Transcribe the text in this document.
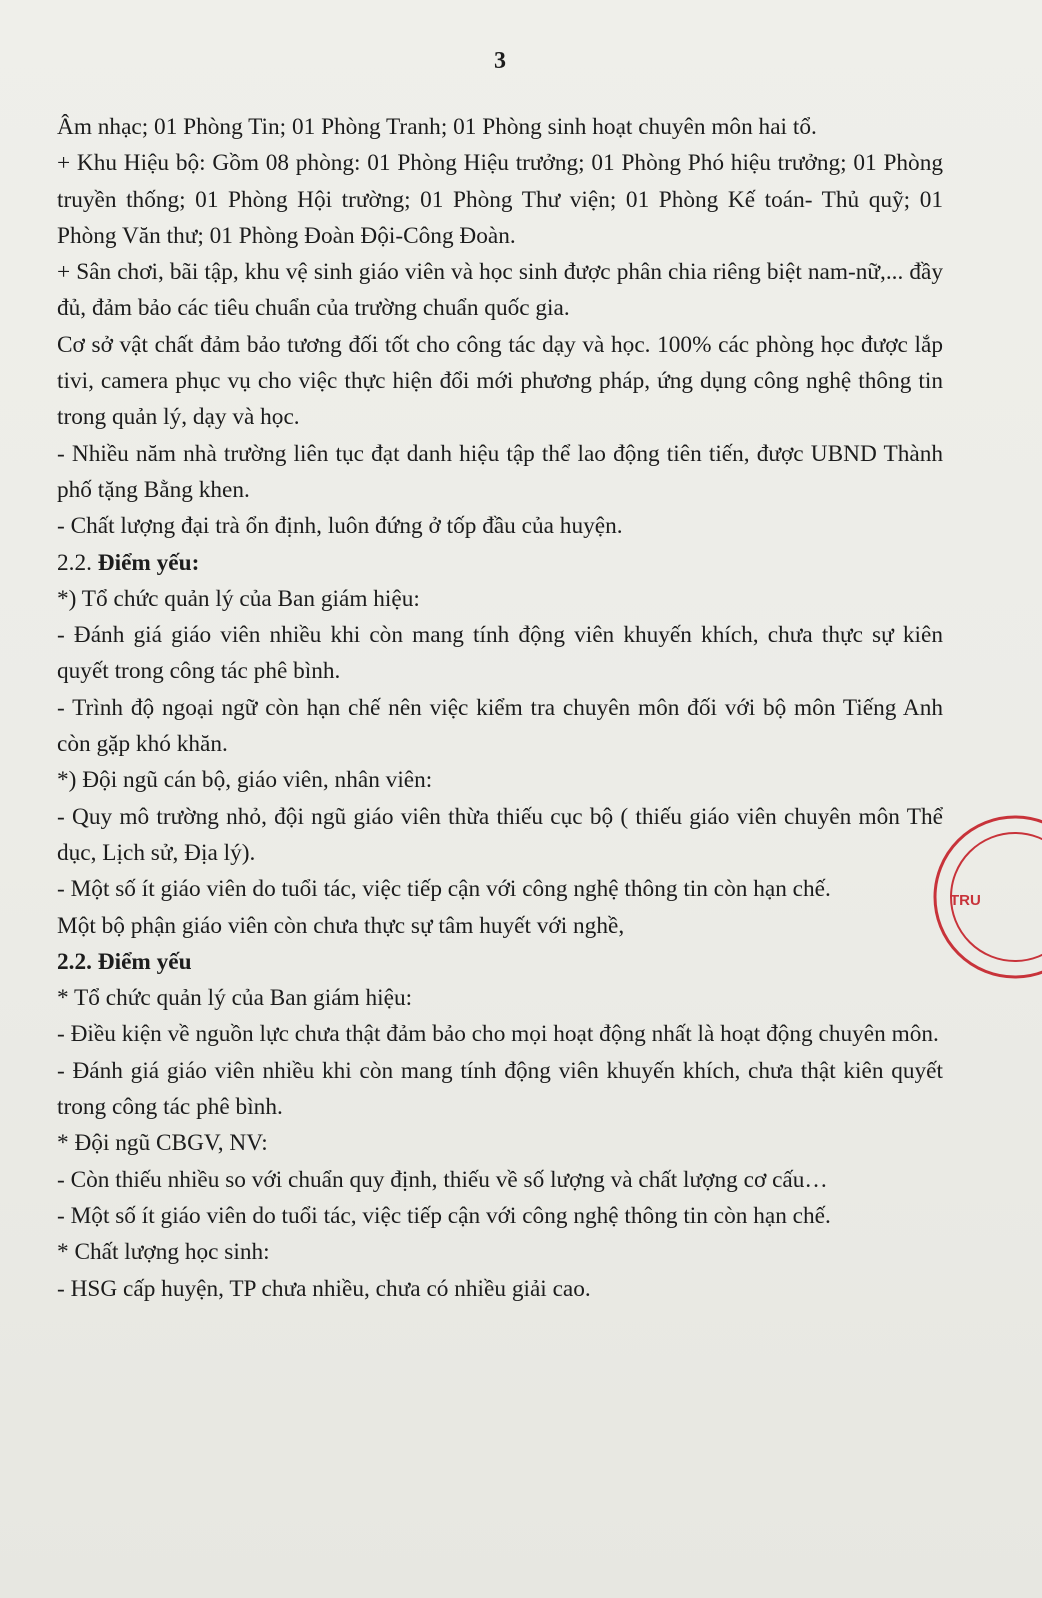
3

Âm nhạc; 01 Phòng Tin; 01 Phòng Tranh; 01 Phòng sinh hoạt chuyên môn hai tổ.

+ Khu Hiệu bộ: Gồm 08 phòng: 01 Phòng Hiệu trưởng; 01 Phòng Phó hiệu trưởng; 01 Phòng truyền thống; 01 Phòng Hội trường; 01 Phòng Thư viện; 01 Phòng Kế toán- Thủ quỹ; 01 Phòng Văn thư; 01 Phòng Đoàn Đội-Công Đoàn.

+ Sân chơi, bãi tập, khu vệ sinh giáo viên và học sinh được phân chia riêng biệt nam-nữ,... đầy đủ, đảm bảo các tiêu chuẩn của trường chuẩn quốc gia.

Cơ sở vật chất đảm bảo tương đối tốt cho công tác dạy và học. 100% các phòng học được lắp tivi, camera phục vụ cho việc thực hiện đổi mới phương pháp, ứng dụng công nghệ thông tin trong quản lý, dạy và học.

- Nhiều năm nhà trường liên tục đạt danh hiệu tập thể lao động tiên tiến, được UBND Thành phố tặng Bằng khen.

- Chất lượng đại trà ổn định, luôn đứng ở tốp đầu của huyện.

2.2. Điểm yếu:

*) Tổ chức quản lý của Ban giám hiệu:

- Đánh giá giáo viên nhiều khi còn mang tính động viên khuyến khích, chưa thực sự kiên quyết trong công tác phê bình.

- Trình độ ngoại ngữ còn hạn chế nên việc kiểm tra chuyên môn đối với bộ môn Tiếng Anh còn gặp khó khăn.

*) Đội ngũ cán bộ, giáo viên, nhân viên:

- Quy mô trường nhỏ, đội ngũ giáo viên thừa thiếu cục bộ ( thiếu giáo viên chuyên môn Thể dục, Lịch sử, Địa lý).

- Một số ít giáo viên do tuổi tác, việc tiếp cận với công nghệ thông tin còn hạn chế.

Một bộ phận giáo viên còn chưa thực sự tâm huyết với nghề,

2.2. Điểm yếu

* Tổ chức quản lý của Ban giám hiệu:

- Điều kiện về nguồn lực chưa thật đảm bảo cho mọi hoạt động nhất là hoạt động chuyên môn.

- Đánh giá giáo viên nhiều khi còn mang tính động viên khuyến khích, chưa thật kiên quyết trong công tác phê bình.

* Đội ngũ CBGV, NV:

- Còn thiếu nhiều so với chuẩn quy định, thiếu về số lượng và chất lượng cơ cấu…

- Một số ít giáo viên do tuổi tác, việc tiếp cận với công nghệ thông tin còn hạn chế.

* Chất lượng học sinh:

- HSG cấp huyện, TP chưa nhiều, chưa có nhiều giải cao.

TRU
